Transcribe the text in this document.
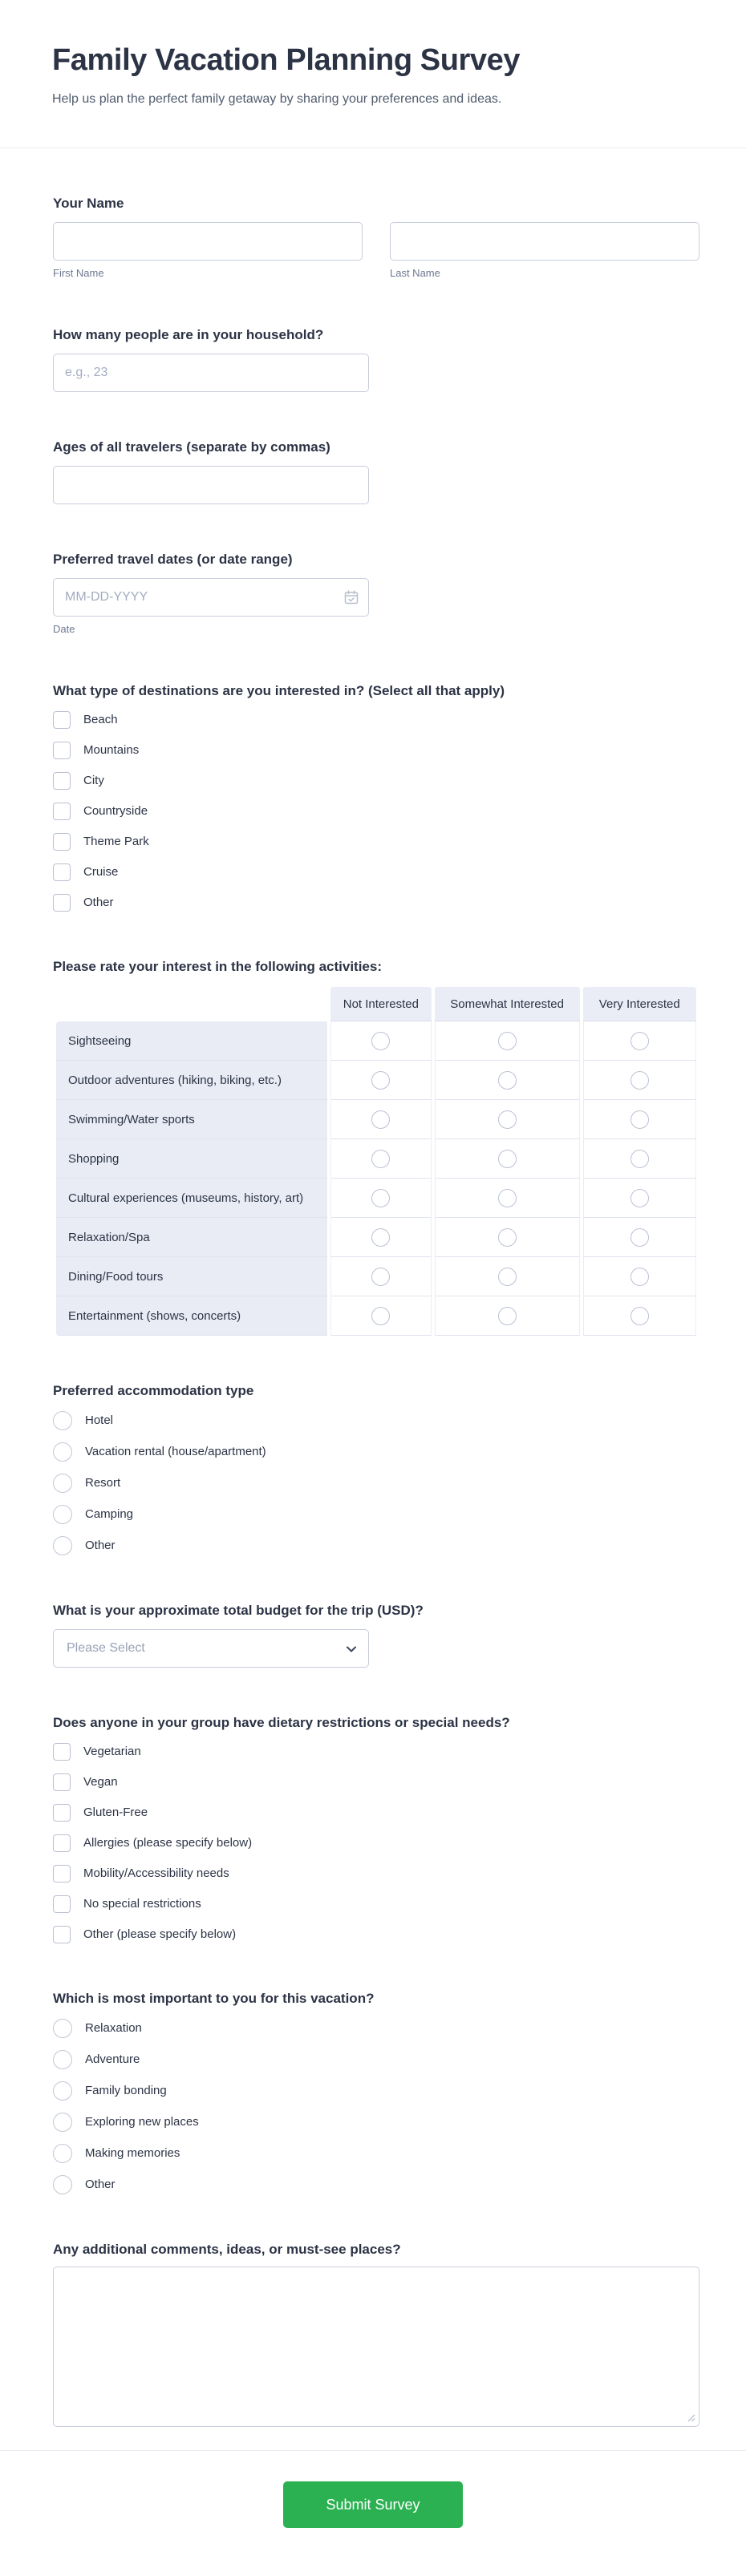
Family Vacation Planning Survey

Help us plan the perfect family getaway by sharing your preferences and ideas.

Your Name
First Name	Last Name
How many people are in your household?
e.g., 23
Ages of all travelers (separate by commas)
Preferred travel dates (or date range)
MM-DD-YYYY
Date
What type of destinations are you interested in? (Select all that apply)
Beach
Mountains
City
Countryside
Theme Park
Cruise
Other
Please rate your interest in the following activities:
	Not Interested	Somewhat Interested	Very Interested
Sightseeing			
Outdoor adventures (hiking, biking, etc.)			
Swimming/Water sports			
Shopping			
Cultural experiences (museums, history, art)			
Relaxation/Spa			
Dining/Food tours			
Entertainment (shows, concerts)			
Preferred accommodation type
Hotel
Vacation rental (house/apartment)
Resort
Camping
Other
What is your approximate total budget for the trip (USD)?
Please Select
Does anyone in your group have dietary restrictions or special needs?
Vegetarian
Vegan
Gluten-Free
Allergies (please specify below)
Mobility/Accessibility needs
No special restrictions
Other (please specify below)
Which is most important to you for this vacation?
Relaxation
Adventure
Family bonding
Exploring new places
Making memories
Other
Any additional comments, ideas, or must-see places?
Submit Survey
